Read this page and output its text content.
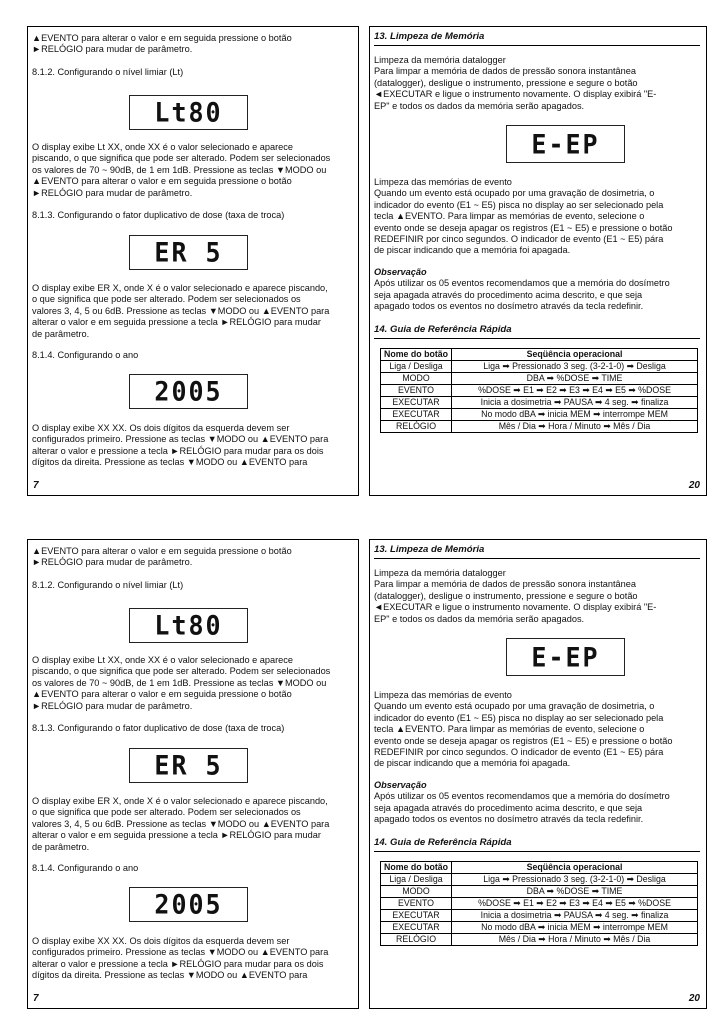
▲EVENTO para alterar o valor e em seguida pressione o botão
►RELÓGIO para mudar de parâmetro.
8.1.2. Configurando o nível limiar (Lt)
Lt80
O display exibe Lt XX, onde XX é o valor selecionado e aparece
piscando, o que significa que pode ser alterado. Podem ser selecionados
os valores de 70 ~ 90dB, de 1 em 1dB. Pressione as teclas ▼MODO ou
▲EVENTO para alterar o valor e em seguida pressione o botão
►RELÓGIO para mudar de parâmetro.
8.1.3. Configurando o fator duplicativo de dose (taxa de troca)
ER 5
O display exibe ER X, onde X é o valor selecionado e aparece piscando,
o que significa que pode ser alterado. Podem ser selecionados os
valores 3, 4, 5 ou 6dB. Pressione as teclas ▼MODO ou ▲EVENTO para
alterar o valor e em seguida pressione a tecla ►RELÓGIO para mudar
de parâmetro.
8.1.4. Configurando o ano
2005
O display exibe XX XX. Os dois dígitos da esquerda devem ser
configurados primeiro. Pressione as teclas ▼MODO ou ▲EVENTO para
alterar o valor e pressione a tecla ►RELÓGIO para mudar para os dois
dígitos da direita. Pressione as teclas ▼MODO ou ▲EVENTO para
7
13. Limpeza de Memória
Limpeza da memória datalogger
Para limpar a memória de dados de pressão sonora instantânea
(datalogger), desligue o instrumento, pressione e segure o botão
◄EXECUTAR e ligue o instrumento novamente. O display exibirá "E-
EP" e todos os dados da memória serão apagados.
E-EP
Limpeza das memórias de evento
Quando um evento está ocupado por uma gravação de dosimetria, o
indicador do evento (E1 ~ E5) pisca no display ao ser selecionado pela
tecla ▲EVENTO. Para limpar as memórias de evento, selecione o
evento onde se deseja apagar os registros (E1 ~ E5) e pressione o botão
REDEFINIR por cinco segundos. O indicador de evento (E1 ~ E5) pára
de piscar indicando que a memória foi apagada.
Observação
Após utilizar os 05 eventos recomendamos que a memória do dosímetro
seja apagada através do procedimento acima descrito, e que seja
apagado todos os eventos no dosímetro através da tecla redefinir.
14. Guia de Referência Rápida
Nome do botão	Seqüência operacional
Liga / Desliga	Liga ➡ Pressionado 3 seg. (3-2-1-0) ➡ Desliga
MODO	DBA ➡ %DOSE ➡ TIME
EVENTO	%DOSE ➡ E1 ➡ E2 ➡ E3 ➡ E4 ➡ E5 ➡ %DOSE
EXECUTAR	Inicia a dosimetria ➡ PAUSA ➡ 4 seg. ➡ finaliza
EXECUTAR	No modo dBA ➡ inicia MEM ➡ interrompe MEM
RELÓGIO	Mês / Dia ➡ Hora / Minuto ➡ Mês / Dia
20
▲EVENTO para alterar o valor e em seguida pressione o botão
►RELÓGIO para mudar de parâmetro.
8.1.2. Configurando o nível limiar (Lt)
Lt80
O display exibe Lt XX, onde XX é o valor selecionado e aparece
piscando, o que significa que pode ser alterado. Podem ser selecionados
os valores de 70 ~ 90dB, de 1 em 1dB. Pressione as teclas ▼MODO ou
▲EVENTO para alterar o valor e em seguida pressione o botão
►RELÓGIO para mudar de parâmetro.
8.1.3. Configurando o fator duplicativo de dose (taxa de troca)
ER 5
O display exibe ER X, onde X é o valor selecionado e aparece piscando,
o que significa que pode ser alterado. Podem ser selecionados os
valores 3, 4, 5 ou 6dB. Pressione as teclas ▼MODO ou ▲EVENTO para
alterar o valor e em seguida pressione a tecla ►RELÓGIO para mudar
de parâmetro.
8.1.4. Configurando o ano
2005
O display exibe XX XX. Os dois dígitos da esquerda devem ser
configurados primeiro. Pressione as teclas ▼MODO ou ▲EVENTO para
alterar o valor e pressione a tecla ►RELÓGIO para mudar para os dois
dígitos da direita. Pressione as teclas ▼MODO ou ▲EVENTO para
7
13. Limpeza de Memória
Limpeza da memória datalogger
Para limpar a memória de dados de pressão sonora instantânea
(datalogger), desligue o instrumento, pressione e segure o botão
◄EXECUTAR e ligue o instrumento novamente. O display exibirá "E-
EP" e todos os dados da memória serão apagados.
E-EP
Limpeza das memórias de evento
Quando um evento está ocupado por uma gravação de dosimetria, o
indicador do evento (E1 ~ E5) pisca no display ao ser selecionado pela
tecla ▲EVENTO. Para limpar as memórias de evento, selecione o
evento onde se deseja apagar os registros (E1 ~ E5) e pressione o botão
REDEFINIR por cinco segundos. O indicador de evento (E1 ~ E5) pára
de piscar indicando que a memória foi apagada.
Observação
Após utilizar os 05 eventos recomendamos que a memória do dosímetro
seja apagada através do procedimento acima descrito, e que seja
apagado todos os eventos no dosímetro através da tecla redefinir.
14. Guia de Referência Rápida
Nome do botão	Seqüência operacional
Liga / Desliga	Liga ➡ Pressionado 3 seg. (3-2-1-0) ➡ Desliga
MODO	DBA ➡ %DOSE ➡ TIME
EVENTO	%DOSE ➡ E1 ➡ E2 ➡ E3 ➡ E4 ➡ E5 ➡ %DOSE
EXECUTAR	Inicia a dosimetria ➡ PAUSA ➡ 4 seg. ➡ finaliza
EXECUTAR	No modo dBA ➡ inicia MEM ➡ interrompe MEM
RELÓGIO	Mês / Dia ➡ Hora / Minuto ➡ Mês / Dia
20
